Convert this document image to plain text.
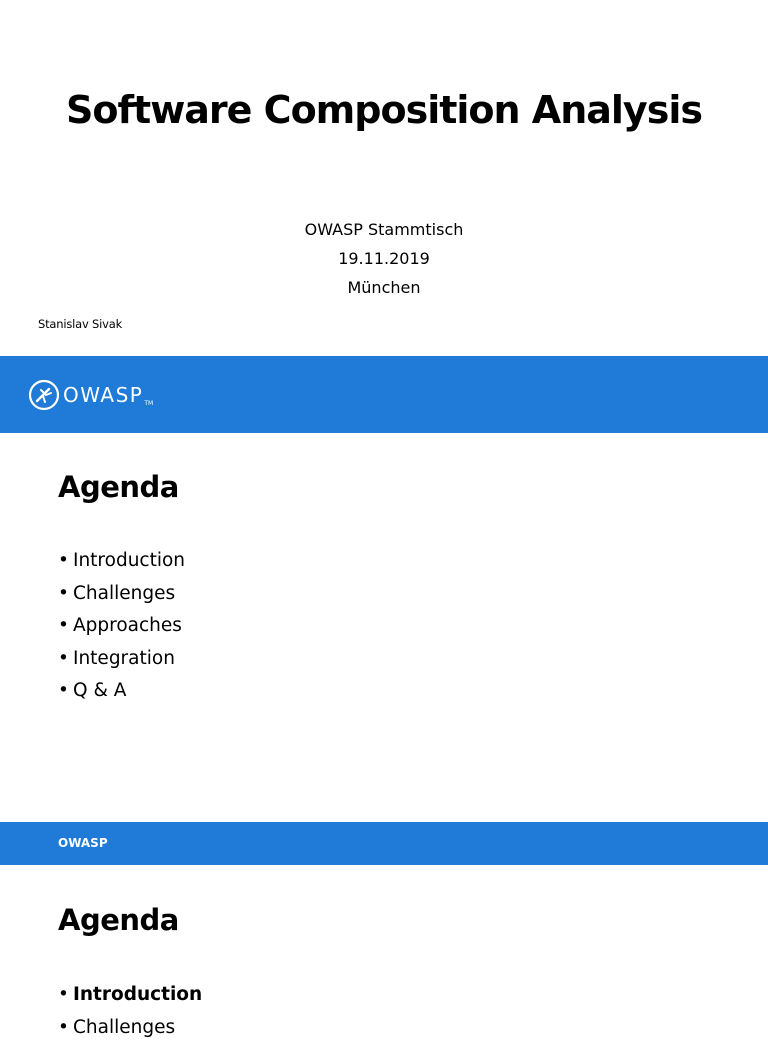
Software Composition Analysis
OWASP Stammtisch
19.11.2019
München
Stanislav Sivak
OWASP TM
Agenda
• Introduction
• Challenges
• Approaches
• Integration
• Q & A
OWASP
Agenda
• Introduction
• Challenges
